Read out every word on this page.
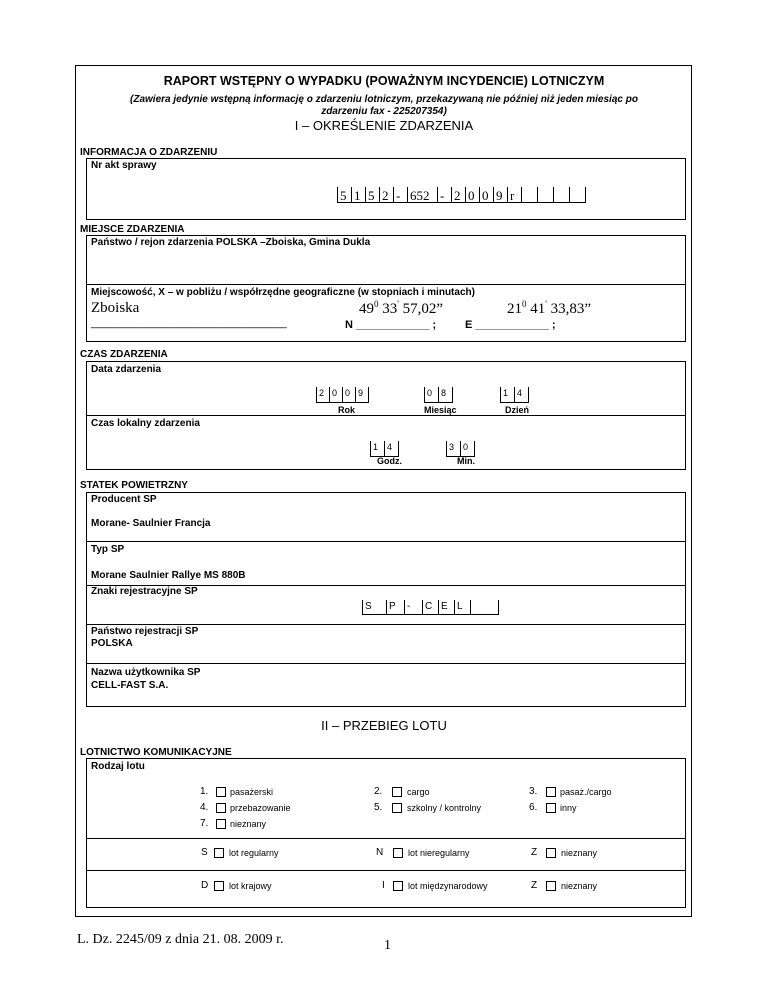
RAPORT WSTĘPNY O WYPADKU (POWAŻNYM INCYDENCIE) LOTNICZYM
(Zawiera jedynie wstępną informację o zdarzeniu lotniczym, przekazywaną nie później niż jeden miesiąc po
zdarzeniu fax - 225207354)
I – OKREŚLENIE ZDARZENIA
INFORMACJA O ZDARZENIU
Nr akt sprawy
5 1 5 2 - 652 - 2 0 0 9 r
MIEJSCE ZDARZENIA
Państwo / rejon zdarzenia POLSKA –Zboiska, Gmina Dukla
Miejscowość, X – w pobliżu / współrzędne geograficzne (w stopniach i minutach)
Zboiska	$49^0$ 33' 57,02”	$21^0$ 41' 33,83”
________________________________	N ____________ ;	E ____________ ;
CZAS ZDARZENIA
Data zdarzenia
2 0 0 9	0 8	1 4
Rok	Miesiąc	Dzień
Czas lokalny zdarzenia
1 4	3 0
Godz.	Min.
STATEK POWIETRZNY
Producent SP
Morane- Saulnier Francja
Typ SP
Morane Saulnier Rallye MS 880B
Znaki rejestracyjne SP
S P - C E L
Państwo rejestracji SP
POLSKA
Nazwa użytkownika SP
CELL-FAST S.A.
II – PRZEBIEG LOTU
LOTNICTWO KOMUNIKACYJNE
Rodzaj lotu
1. pasażerski	2.	cargo	3.	pasaż./cargo
4. przebazowanie	5.	szkolny / kontrolny	6.	inny
7. nieznany
S lot regularny	N	lot nieregularny	Z	nieznany
D lot krajowy	I	lot międzynarodowy	Z	nieznany
L. Dz. 2245/09 z dnia 21. 08. 2009 r.	1
